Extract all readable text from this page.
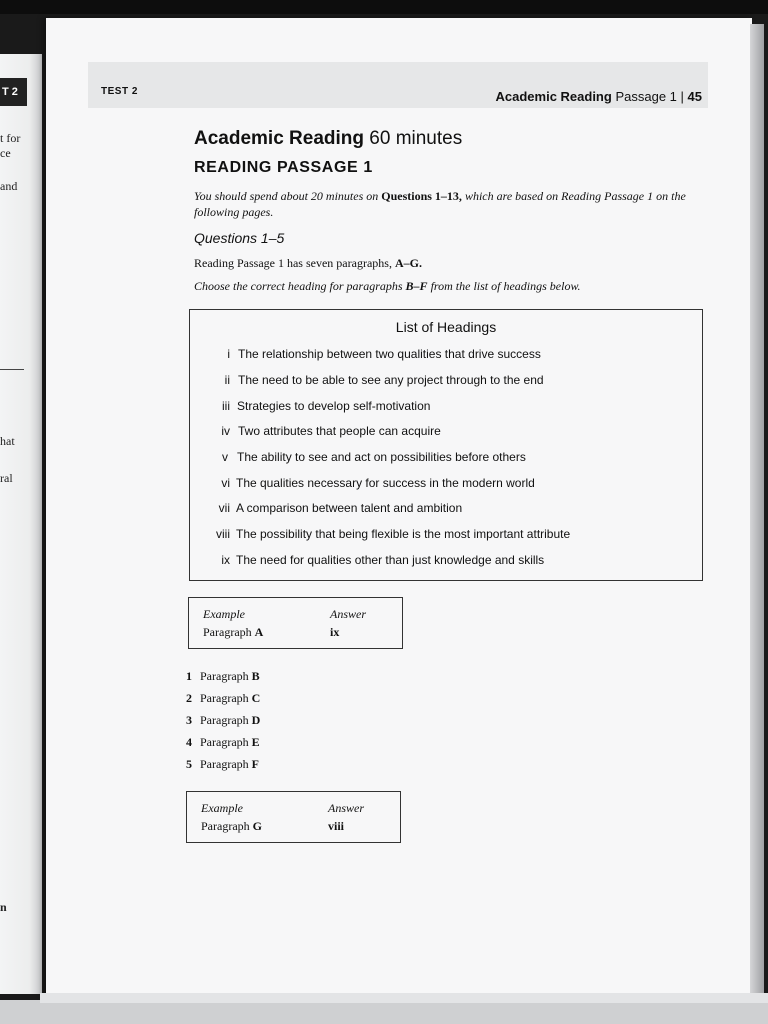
T 2
t for
ce
and
hat
ral
n
TEST 2	Academic Reading Passage 1 | 45
Academic Reading 60 minutes
READING PASSAGE 1
You should spend about 20 minutes on Questions 1–13, which are based on Reading Passage 1 on the following pages.
Questions 1–5
Reading Passage 1 has seven paragraphs, A–G.
Choose the correct heading for paragraphs B–F from the list of headings below.
List of Headings
i The relationship between two qualities that drive success
ii The need to be able to see any project through to the end
iii Strategies to develop self-motivation
iv Two attributes that people can acquire
v The ability to see and act on possibilities before others
vi The qualities necessary for success in the modern world
vii A comparison between talent and ambition
viii The possibility that being flexible is the most important attribute
ix The need for qualities other than just knowledge and skills
Example	Answer
Paragraph A	ix
1 Paragraph B
2 Paragraph C
3 Paragraph D
4 Paragraph E
5 Paragraph F
Example	Answer
Paragraph G	viii
